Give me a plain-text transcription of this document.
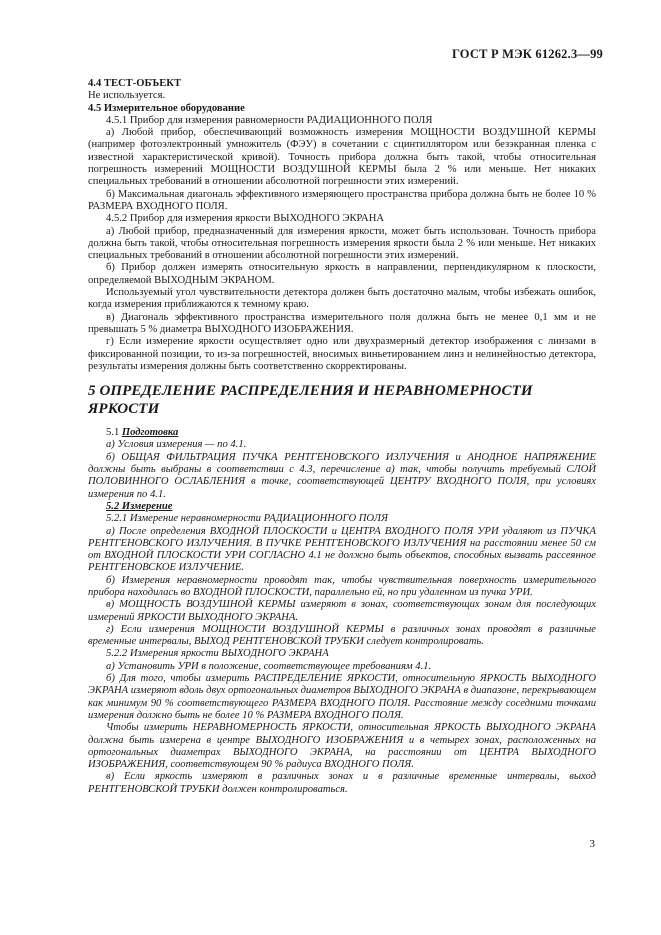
ГОСТ Р МЭК 61262.3—99

4.4 ТЕСТ-ОБЪЕКТ

Не используется.

4.5 Измерительное оборудование

4.5.1 Прибор для измерения равномерности РАДИАЦИОННОГО ПОЛЯ

а) Любой прибор, обеспечивающий возможность измерения МОЩНОСТИ ВОЗДУШНОЙ КЕРМЫ (например фотоэлектронный умножитель (ФЭУ) в сочетании с сцинтиллятором или безэкранная пленка с известной характеристической кривой). Точность прибора должна быть такой, чтобы относительная погрешность измерений МОЩНОСТИ ВОЗДУШНОЙ КЕРМЫ была 2 % или меньше. Нет никаких специальных требований в отношении абсолютной погрешности этих измерений.

б) Максимальная диагональ эффективного измеряющего пространства прибора должна быть не более 10 % РАЗМЕРА ВХОДНОГО ПОЛЯ.

4.5.2 Прибор для измерения яркости ВЫХОДНОГО ЭКРАНА

а) Любой прибор, предназначенный для измерения яркости, может быть использован. Точность прибора должна быть такой, чтобы относительная погрешность измерения яркости была 2 % или меньше. Нет никаких специальных требований в отношении абсолютной погрешности этих измерений.

б) Прибор должен измерять относительную яркость в направлении, перпендикулярном к плоскости, определяемой ВЫХОДНЫМ ЭКРАНОМ.

Используемый угол чувствительности детектора должен быть достаточно малым, чтобы избежать ошибок, когда измерения приближаются к темному краю.

в) Диагональ эффективного пространства измерительного поля должна быть не менее 0,1 мм и не превышать 5 % диаметра ВЫХОДНОГО ИЗОБРАЖЕНИЯ.

г) Если измерение яркости осуществляет одно или двухразмерный детектор изображения с линзами в фиксированной позиции, то из-за погрешностей, вносимых виньетированием линз и нелинейностью детектора, результаты измерения должны быть соответственно скорректированы.

5 ОПРЕДЕЛЕНИЕ РАСПРЕДЕЛЕНИЯ И НЕРАВНОМЕРНОСТИ ЯРКОСТИ

5.1 Подготовка

а) Условия измерения — по 4.1.

б) ОБЩАЯ ФИЛЬТРАЦИЯ ПУЧКА РЕНТГЕНОВСКОГО ИЗЛУЧЕНИЯ и АНОДНОЕ НАПРЯЖЕНИЕ должны быть выбраны в соответствии с 4.3, перечисление а) так, чтобы получить требуемый СЛОЙ ПОЛОВИННОГО ОСЛАБЛЕНИЯ в точке, соответствующей ЦЕНТРУ ВХОДНОГО ПОЛЯ, при условиях измерения по 4.1.

5.2 Измерение

5.2.1 Измерение неравномерности РАДИАЦИОННОГО ПОЛЯ

а) После определения ВХОДНОЙ ПЛОСКОСТИ и ЦЕНТРА ВХОДНОГО ПОЛЯ УРИ удаляют из ПУЧКА РЕНТГЕНОВСКОГО ИЗЛУЧЕНИЯ. В ПУЧКЕ РЕНТГЕНОВСКОГО ИЗЛУЧЕНИЯ на расстоянии менее 50 см от ВХОДНОЙ ПЛОСКОСТИ УРИ СОГЛАСНО 4.1 не должно быть объектов, способных вызвать рассеянное РЕНТГЕНОВСКОЕ ИЗЛУЧЕНИЕ.

б) Измерения неравномерности проводят так, чтобы чувствительная поверхность измерительного прибора находилась во ВХОДНОЙ ПЛОСКОСТИ, параллельно ей, но при удаленном из пучка УРИ.

в) МОЩНОСТЬ ВОЗДУШНОЙ КЕРМЫ измеряют в зонах, соответствующих зонам для последующих измерений ЯРКОСТИ ВЫХОДНОГО ЭКРАНА.

г) Если измерения МОЩНОСТИ ВОЗДУШНОЙ КЕРМЫ в различных зонах проводят в различные временные интервалы, ВЫХОД РЕНТГЕНОВСКОЙ ТРУБКИ следует контролировать.

5.2.2 Измерения яркости ВЫХОДНОГО ЭКРАНА

а) Установить УРИ в положение, соответствующее требованиям 4.1.

б) Для того, чтобы измерить РАСПРЕДЕЛЕНИЕ ЯРКОСТИ, относительную ЯРКОСТЬ ВЫХОДНОГО ЭКРАНА измеряют вдоль двух ортогональных диаметров ВЫХОДНОГО ЭКРАНА в диапазоне, перекрывающем как минимум 90 % соответствующего РАЗМЕРА ВХОДНОГО ПОЛЯ. Расстояние между соседними точками измерения должно быть не более 10 % РАЗМЕРА ВХОДНОГО ПОЛЯ.

Чтобы измерить НЕРАВНОМЕРНОСТЬ ЯРКОСТИ, относительная ЯРКОСТЬ ВЫХОДНОГО ЭКРАНА должна быть измерена в центре ВЫХОДНОГО ИЗОБРАЖЕНИЯ и в четырех зонах, расположенных на ортогональных диаметрах ВЫХОДНОГО ЭКРАНА, на расстоянии от ЦЕНТРА ВЫХОДНОГО ИЗОБРАЖЕНИЯ, соответствующем 90 % радиуса ВХОДНОГО ПОЛЯ.

в) Если яркость измеряют в различных зонах и в различные временные интервалы, выход РЕНТГЕНОВСКОЙ ТРУБКИ должен контролироваться.

3
